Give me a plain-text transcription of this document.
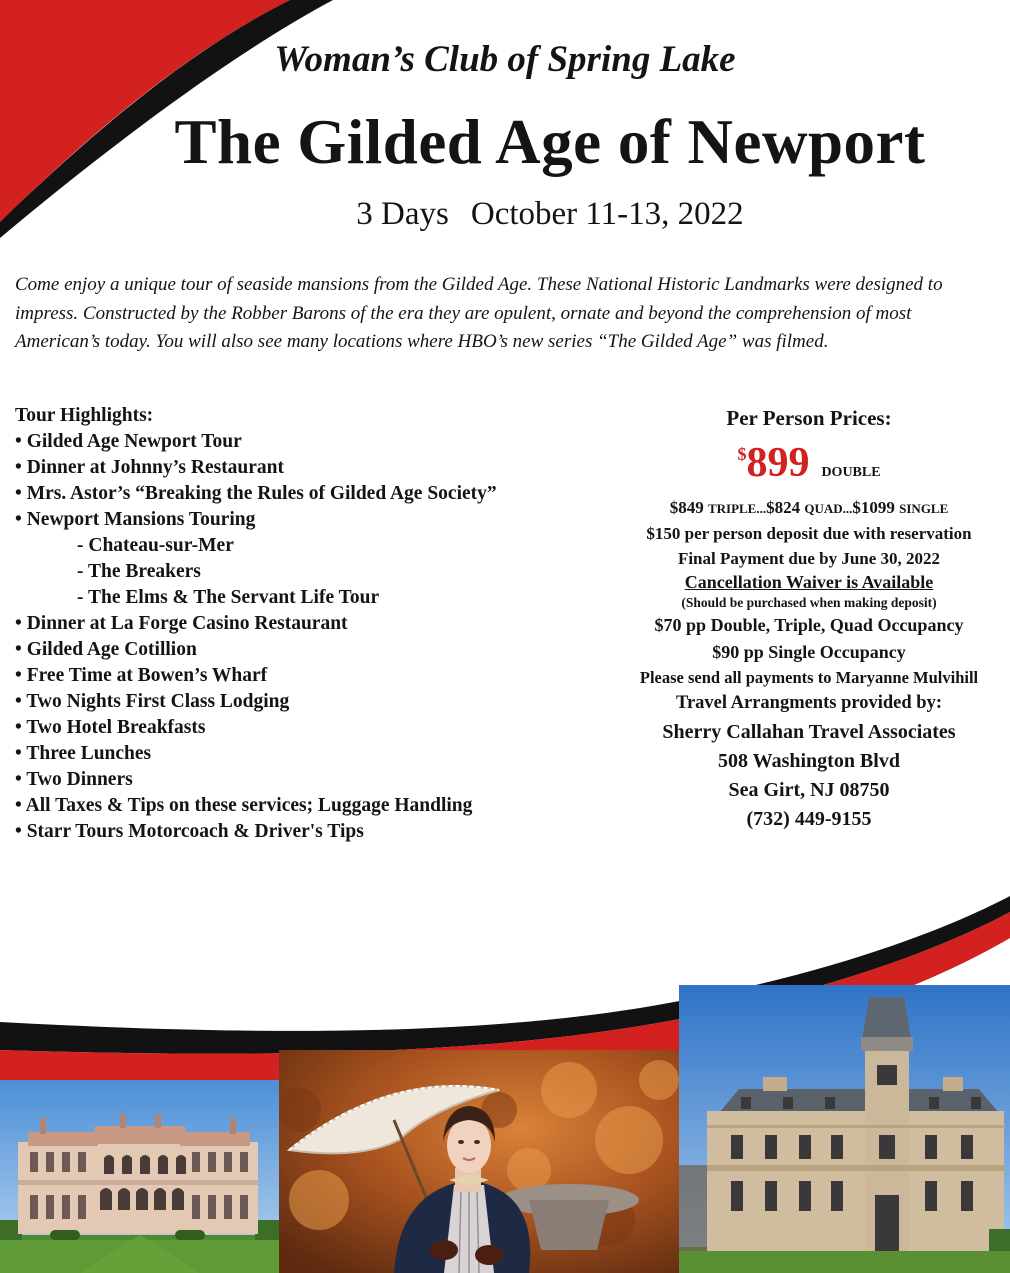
Woman’s Club of Spring Lake
The Gilded Age of Newport

3 Days October 11-13, 2022

Come enjoy a unique tour of seaside mansions from the Gilded Age. These National Historic Landmarks were designed to impress. Constructed by the Robber Barons of the era they are opulent, ornate and beyond the comprehension of most American’s today. You will also see many locations where HBO’s new series “The Gilded Age” was filmed.

Tour Highlights:
• Gilded Age Newport Tour
• Dinner at Johnny’s Restaurant
• Mrs. Astor’s “Breaking the Rules of Gilded Age Society”
• Newport Mansions Touring
- Chateau-sur-Mer
- The Breakers
- The Elms & The Servant Life Tour
• Dinner at La Forge Casino Restaurant
• Gilded Age Cotillion
• Free Time at Bowen’s Wharf
• Two Nights First Class Lodging
• Two Hotel Breakfasts
• Three Lunches
• Two Dinners
• All Taxes & Tips on these services; Luggage Handling
• Starr Tours Motorcoach & Driver's Tips

Per Person Prices:

$899 DOUBLE

$849 TRIPLE...$824 QUAD...$1099 SINGLE

$150 per person deposit due with reservation

Final Payment due by June 30, 2022

Cancellation Waiver is Available

(Should be purchased when making deposit)

$70 pp Double, Triple, Quad Occupancy

$90 pp Single Occupancy

Please send all payments to Maryanne Mulvihill

Travel Arrangments provided by:

Sherry Callahan Travel Associates

508 Washington Blvd

Sea Girt, NJ 08750

(732) 449-9155
